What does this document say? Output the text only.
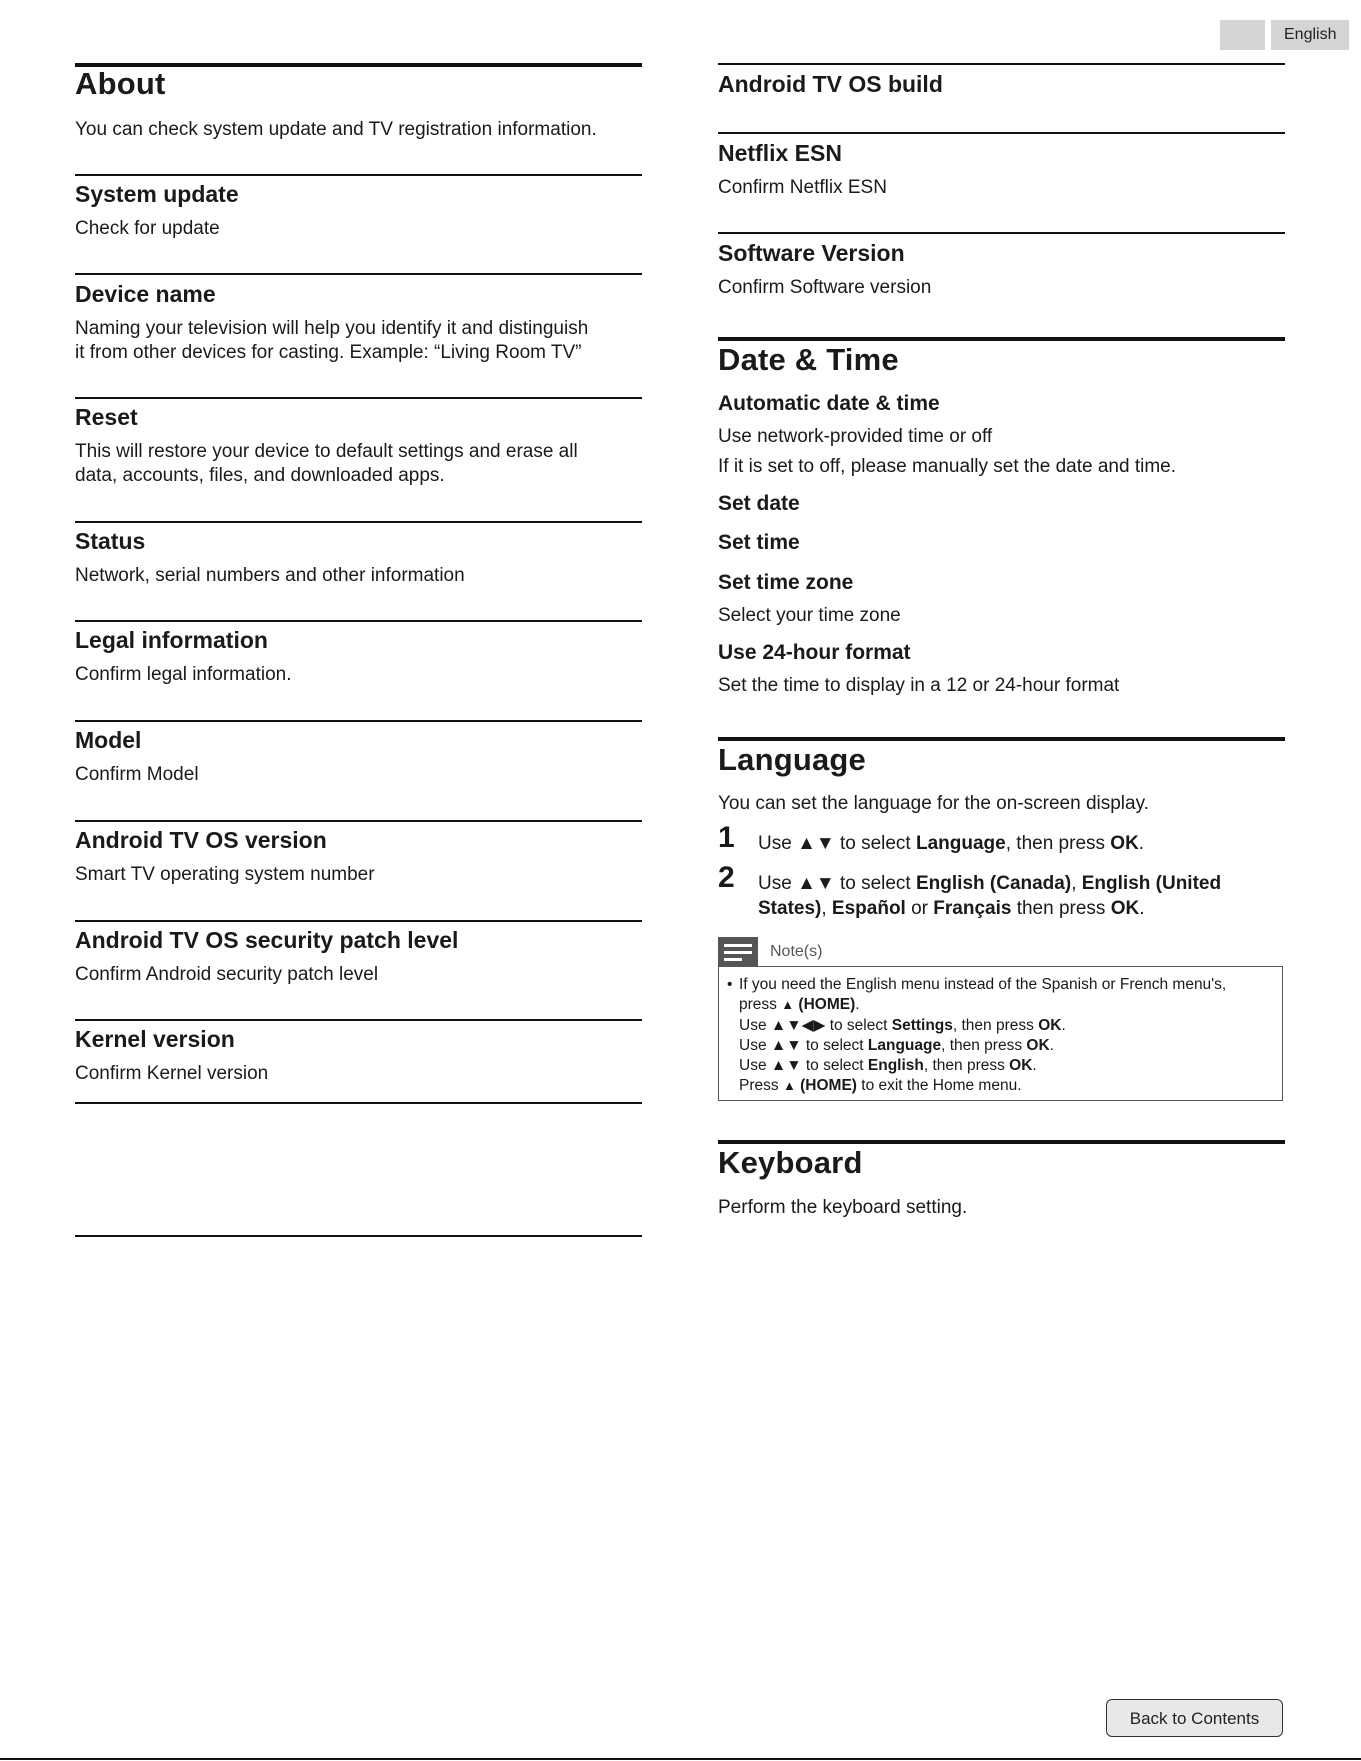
English
About
You can check system update and TV registration information.
System update
Check for update
Device name
Naming your television will help you identify it and distinguish
it from other devices for casting. Example: “Living Room TV”
Reset
This will restore your device to default settings and erase all
data, accounts, files, and downloaded apps.
Status
Network, serial numbers and other information
Legal information
Confirm legal information.
Model
Confirm Model
Android TV OS version
Smart TV operating system number
Android TV OS security patch level
Confirm Android security patch level
Kernel version
Confirm Kernel version
Android TV OS build
Netflix ESN
Confirm Netflix ESN
Software Version
Confirm Software version
Date & Time
Automatic date & time
Use network-provided time or off
If it is set to off, please manually set the date and time.
Set date
Set time
Set time zone
Select your time zone
Use 24-hour format
Set the time to display in a 12 or 24-hour format
Language
You can set the language for the on-screen display.
1 Use ▲▼ to select Language, then press OK.
2 Use ▲▼ to select English (Canada), English (United States), Español or Français then press OK.
Note(s)
• If you need the English menu instead of the Spanish or French menu's,
press ▲ (HOME).
Use ▲▼◀▶ to select Settings, then press OK.
Use ▲▼ to select Language, then press OK.
Use ▲▼ to select English, then press OK.
Press ▲ (HOME) to exit the Home menu.
Keyboard
Perform the keyboard setting.
Back to Contents
